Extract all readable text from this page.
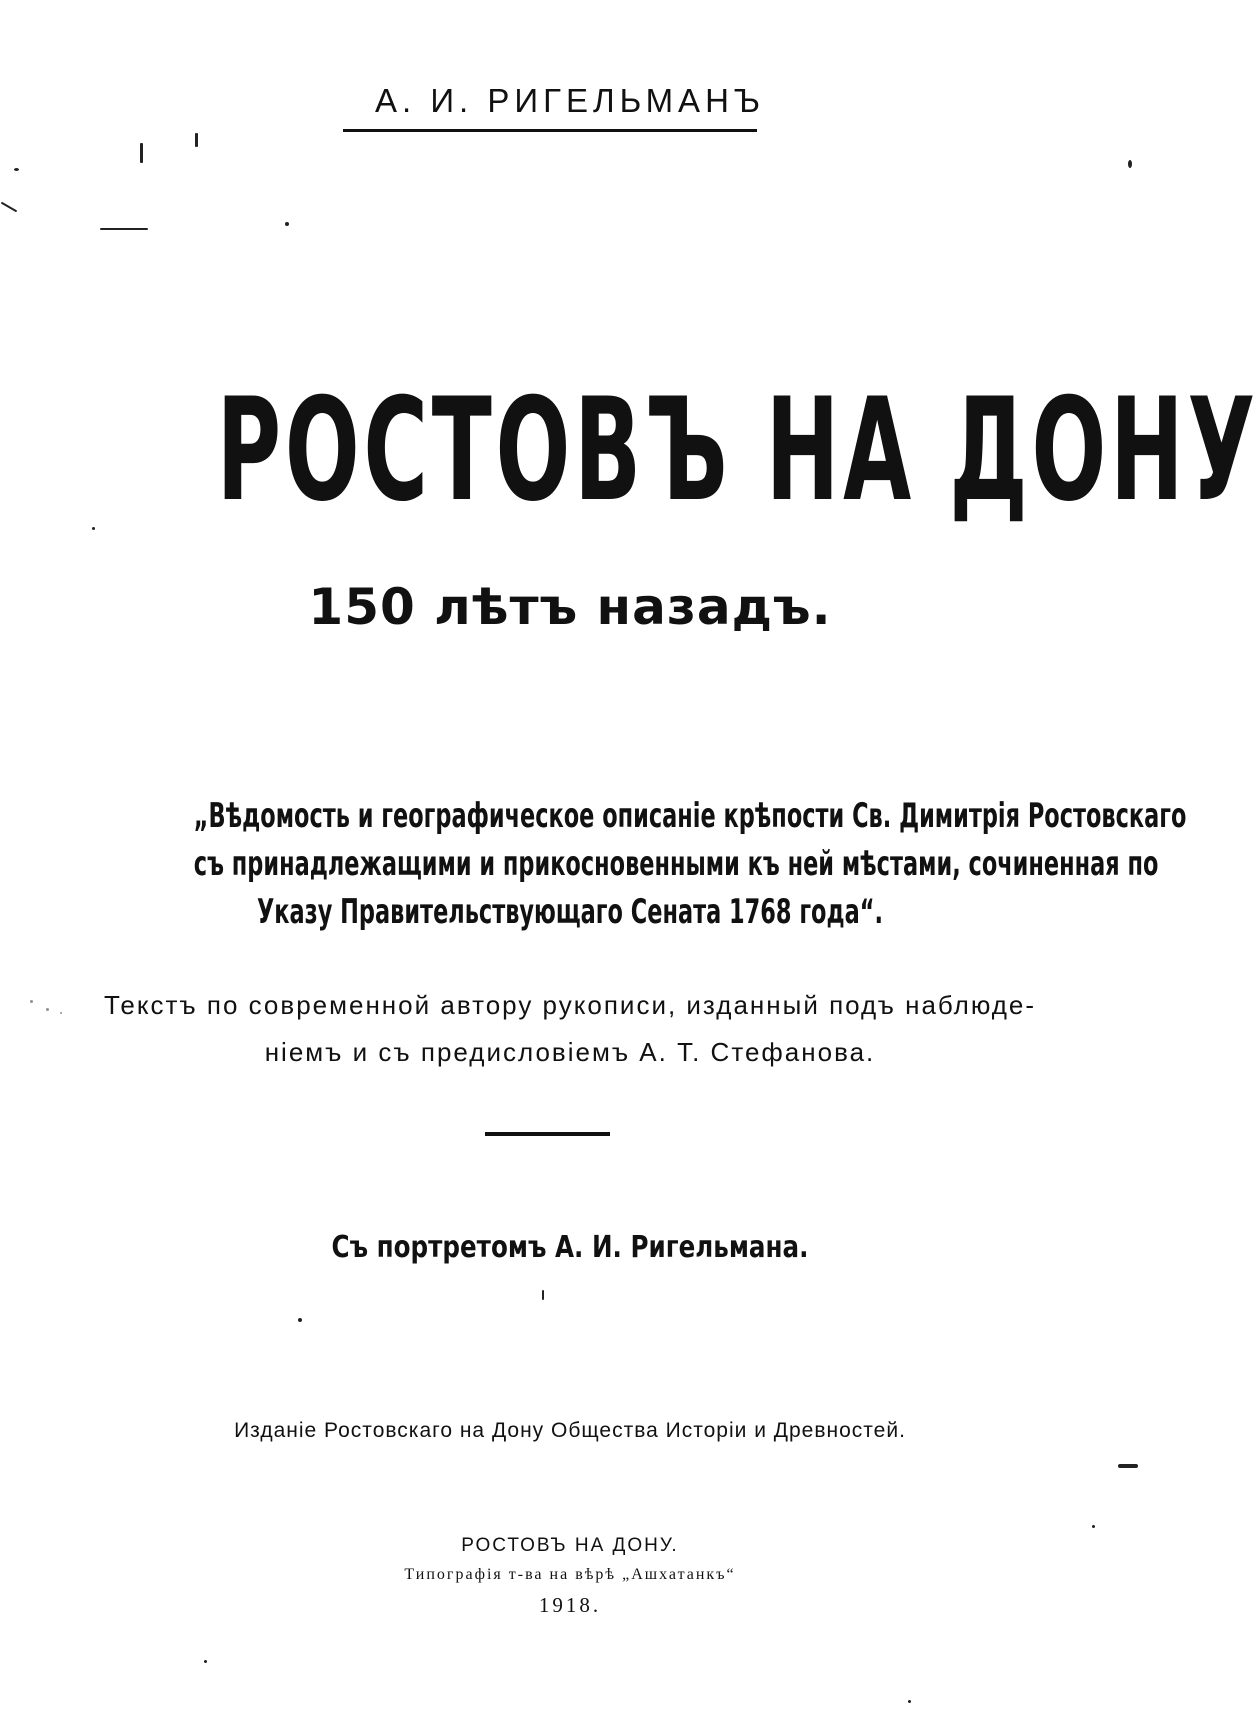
А. И. РИГЕЛЬМАНЪ
РОСТОВЪ НА ДОНУ
150 лѣтъ назадъ.
„Вѣдомость и географическое описаніе крѣпости Св. Димитрія Ростовскаго
съ принадлежащими и прикосновенными къ ней мѣстами, сочиненная по
Указу Правительствующаго Сената 1768 года“.
Текстъ по современной автору рукописи, изданный подъ наблюде-
ніемъ и съ предисловіемъ А. Т. Стефанова.
Съ портретомъ А. И. Ригельмана.
Изданіе Ростовскаго на Дону Общества Исторіи и Древностей.
РОСТОВЪ НА ДОНУ.
Типографія т-ва на вѣрѣ „Ашхатанкъ“
1918.
